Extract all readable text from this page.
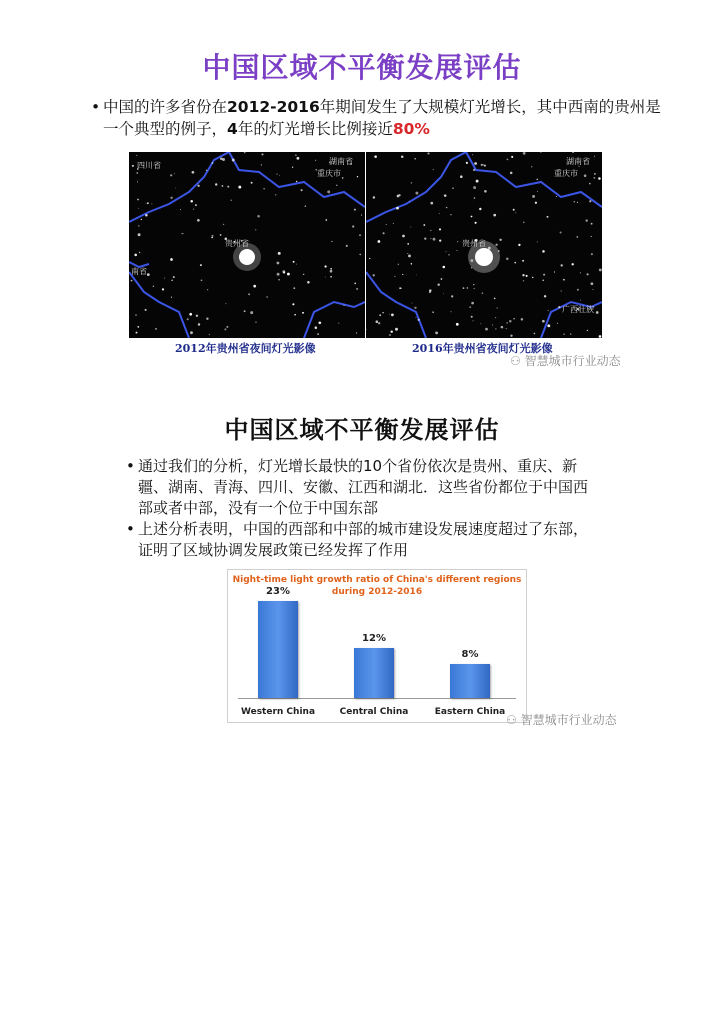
中国区域不平衡发展评估
• 中国的许多省份在2012-2016年期间发生了大规模灯光增长，其中西南的贵州是一个典型的例子，4年的灯光增长比例接近80%
四川省	湖南省
重庆市
贵州省
南省
2012年贵州省夜间灯光影像
湖南省
重庆市
贵州省
广西壮族
2016年贵州省夜间灯光影像
⚇ 智慧城市行业动态
中国区域不平衡发展评估
• 通过我们的分析，灯光增长最快的10个省份依次是贵州、重庆、新疆、湖南、青海、四川、安徽、江西和湖北．这些省份都位于中国西部或者中部，没有一个位于中国东部
• 上述分析表明，中国的西部和中部的城市建设发展速度超过了东部，证明了区域协调发展政策已经发挥了作用
Night-time light growth ratio of China's different regions during 2012-2016
23%
Western China
12%
Central China
8%
Eastern China
⚇ 智慧城市行业动态
